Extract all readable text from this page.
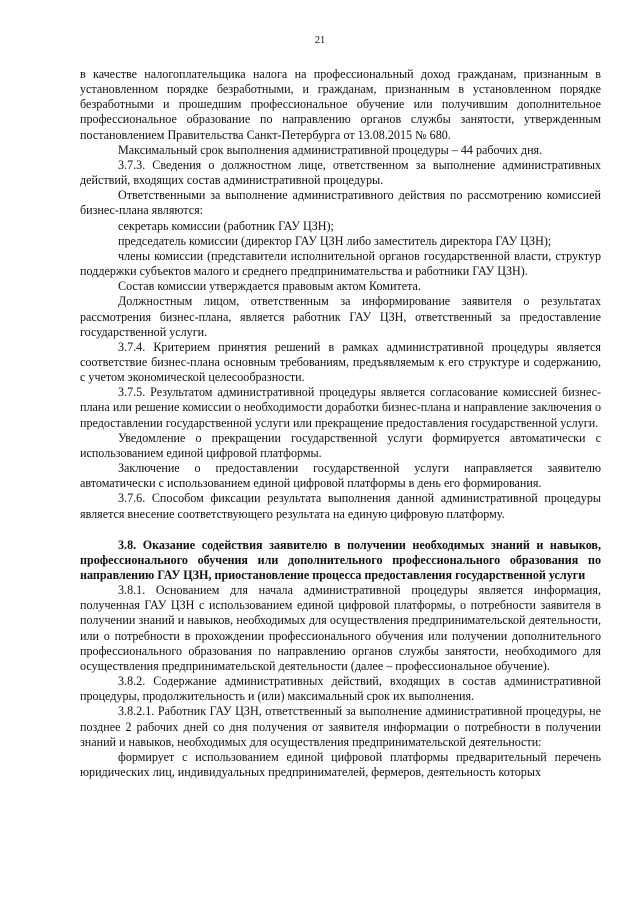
21

в качестве налогоплательщика налога на профессиональный доход гражданам, признанным в установленном порядке безработными, и гражданам, признанным в установленном порядке безработными и прошедшим профессиональное обучение или получившим дополнительное профессиональное образование по направлению органов службы занятости, утвержденным постановлением Правительства Санкт-Петербурга от 13.08.2015 № 680.

Максимальный срок выполнения административной процедуры – 44 рабочих дня.

3.7.3. Сведения о должностном лице, ответственном за выполнение административных действий, входящих состав административной процедуры.

Ответственными за выполнение административного действия по рассмотрению комиссией бизнес-плана являются:

секретарь комиссии (работник ГАУ ЦЗН);

председатель комиссии (директор ГАУ ЦЗН либо заместитель директора ГАУ ЦЗН);

члены комиссии (представители исполнительной органов государственной власти, структур поддержки субъектов малого и среднего предпринимательства и работники ГАУ ЦЗН).

Состав комиссии утверждается правовым актом Комитета.

Должностным лицом, ответственным за информирование заявителя о результатах рассмотрения бизнес-плана, является работник ГАУ ЦЗН, ответственный за предоставление государственной услуги.

3.7.4. Критерием принятия решений в рамках административной процедуры является соответствие бизнес-плана основным требованиям, предъявляемым к его структуре и содержанию, с учетом экономической целесообразности.

3.7.5. Результатом административной процедуры является согласование комиссией бизнес-плана или решение комиссии о необходимости доработки бизнес-плана и направление заключения о предоставлении государственной услуги или прекращение предоставления государственной услуги.

Уведомление о прекращении государственной услуги формируется автоматически с использованием единой цифровой платформы.

Заключение о предоставлении государственной услуги направляется заявителю автоматически с использованием единой цифровой платформы в день его формирования.

3.7.6. Способом фиксации результата выполнения данной административной процедуры является внесение соответствующего результата на единую цифровую платформу.

3.8. Оказание содействия заявителю в получении необходимых знаний и навыков, профессионального обучения или дополнительного профессионального образования по направлению ГАУ ЦЗН, приостановление процесса предоставления государственной услуги

3.8.1. Основанием для начала административной процедуры является информация, полученная ГАУ ЦЗН с использованием единой цифровой платформы, о потребности заявителя в получении знаний и навыков, необходимых для осуществления предпринимательской деятельности, или о потребности в прохождении профессионального обучения или получении дополнительного профессионального образования по направлению органов службы занятости, необходимого для осуществления предпринимательской деятельности (далее – профессиональное обучение).

3.8.2. Содержание административных действий, входящих в состав административной процедуры, продолжительность и (или) максимальный срок их выполнения.

3.8.2.1. Работник ГАУ ЦЗН, ответственный за выполнение административной процедуры, не позднее 2 рабочих дней со дня получения от заявителя информации о потребности в получении знаний и навыков, необходимых для осуществления предпринимательской деятельности:

формирует с использованием единой цифровой платформы предварительный перечень юридических лиц, индивидуальных предпринимателей, фермеров, деятельность которых
